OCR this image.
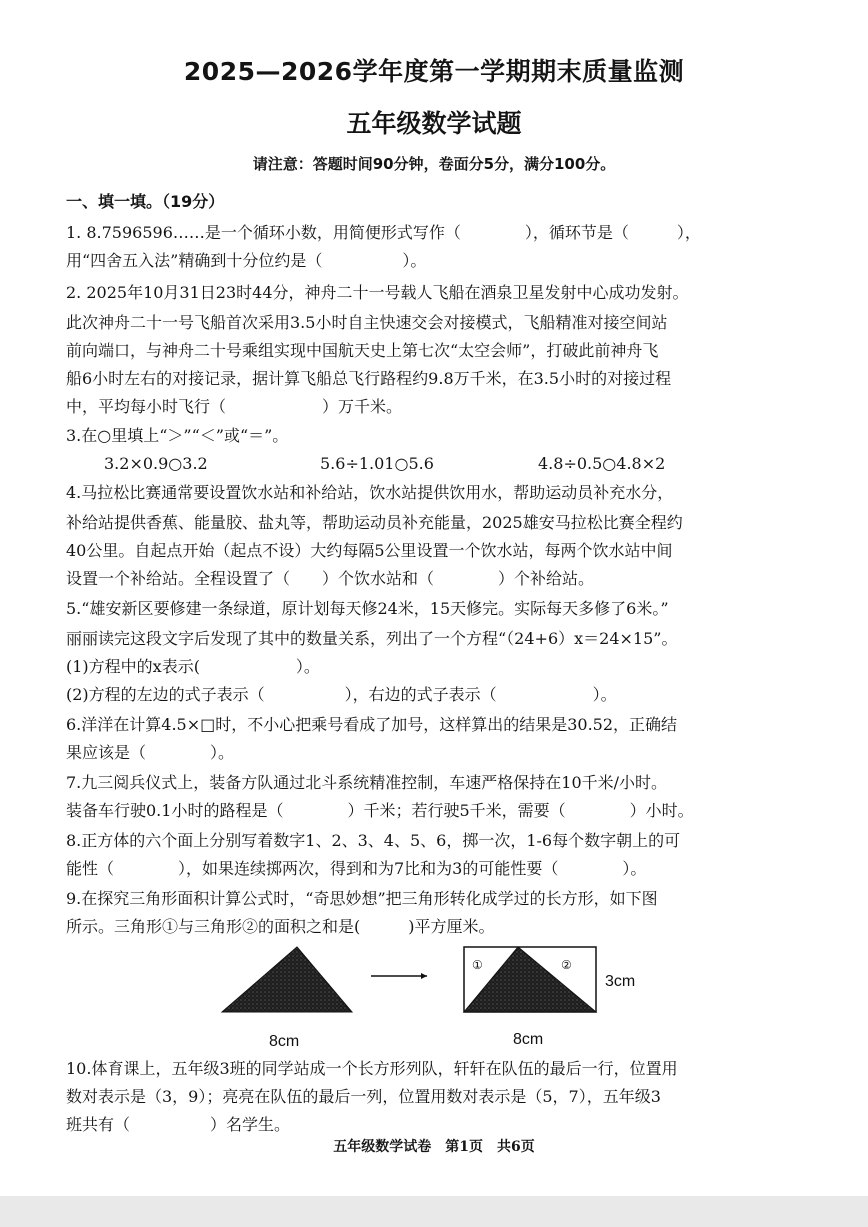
2025—2026学年度第一学期期末质量监测
五年级数学试题
请注意：答题时间90分钟，卷面分5分，满分100分。
一、填一填。（19分）
1. 8.7596596……是一个循环小数，用简便形式写作（　　　　），循环节是（　　　），
用“四舍五入法”精确到十分位约是（　　　　　）。
2. 2025年10月31日23时44分，神舟二十一号载人飞船在酒泉卫星发射中心成功发射。
此次神舟二十一号飞船首次采用3.5小时自主快速交会对接模式，飞船精准对接空间站
前向端口，与神舟二十号乘组实现中国航天史上第七次“太空会师”，打破此前神舟飞
船6小时左右的对接记录，据计算飞船总飞行路程约9.8万千米，在3.5小时的对接过程
中，平均每小时飞行（　　　　　　）万千米。
3.在○里填上“＞”“＜”或“＝”。
3.2×0.9○3.2	5.6÷1.01○5.6	4.8÷0.5○4.8×2
4.马拉松比赛通常要设置饮水站和补给站，饮水站提供饮用水，帮助运动员补充水分，
补给站提供香蕉、能量胶、盐丸等，帮助运动员补充能量，2025雄安马拉松比赛全程约
40公里。自起点开始（起点不设）大约每隔5公里设置一个饮水站，每两个饮水站中间
设置一个补给站。全程设置了（　　）个饮水站和（　　　　）个补给站。
5.“雄安新区要修建一条绿道，原计划每天修24米，15天修完。实际每天多修了6米。”
丽丽读完这段文字后发现了其中的数量关系，列出了一个方程“（24+6）x＝24×15”。
(1)方程中的x表示(　　　　　　）。
(2)方程的左边的式子表示（　　　　　），右边的式子表示（　　　　　　）。
6.洋洋在计算4.5×□时，不小心把乘号看成了加号，这样算出的结果是30.52，正确结
果应该是（　　　　）。
7.九三阅兵仪式上，装备方队通过北斗系统精准控制，车速严格保持在10千米/小时。
装备车行驶0.1小时的路程是（　　　　）千米；若行驶5千米，需要（　　　　）小时。
8.正方体的六个面上分别写着数字1、2、3、4、5、6，掷一次，1-6每个数字朝上的可
能性（　　　　），如果连续掷两次，得到和为7比和为3的可能性要（　　　　）。
9.在探究三角形面积计算公式时，“奇思妙想”把三角形转化成学过的长方形，如下图
所示。三角形①与三角形②的面积之和是(　　　)平方厘米。
①	②
3cm
8cm	8cm
10.体育课上，五年级3班的同学站成一个长方形列队，轩轩在队伍的最后一行，位置用
数对表示是（3，9）；亮亮在队伍的最后一列，位置用数对表示是（5，7），五年级3
班共有（　　　　　）名学生。
五年级数学试卷　第1页　共6页
